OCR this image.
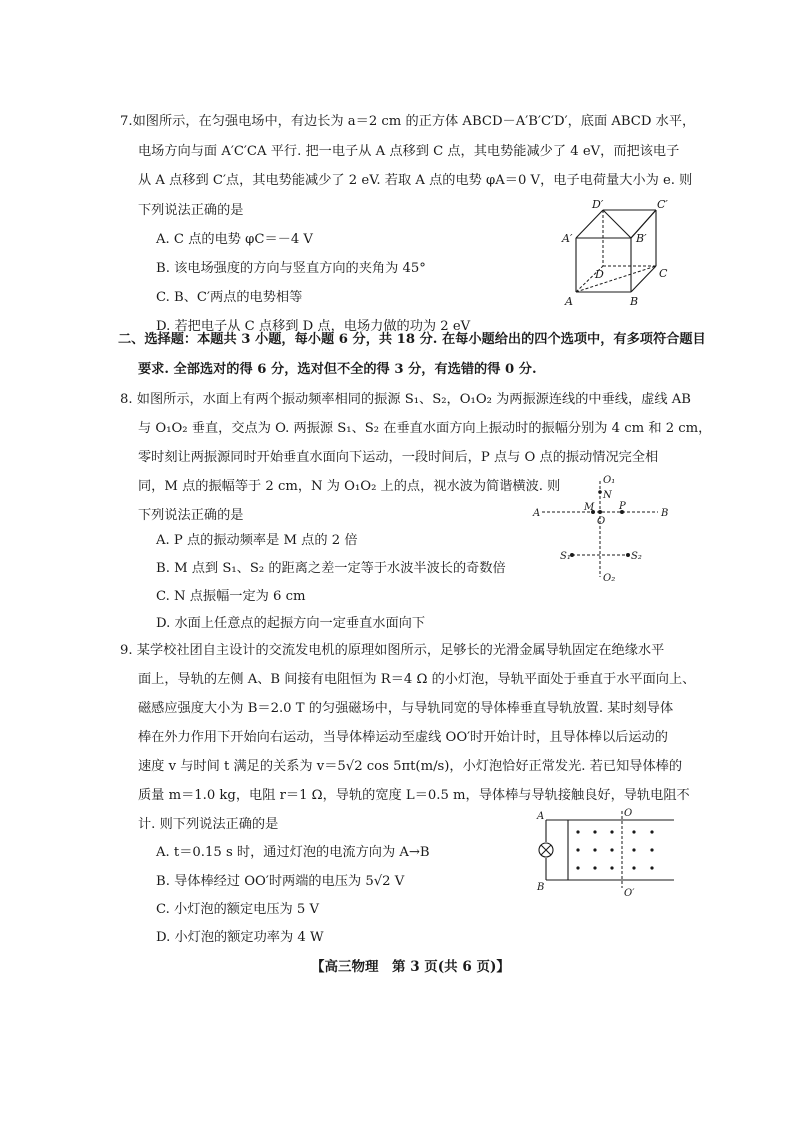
7.如图所示，在匀强电场中，有边长为 a＝2 cm 的正方体 ABCD－A′B′C′D′，底面 ABCD 水平，
电场方向与面 A′C′CA 平行. 把一电子从 A 点移到 C 点，其电势能减少了 4 eV，而把该电子
从 A 点移到 C′点，其电势能减少了 2 eV. 若取 A 点的电势 φA＝0 V，电子电荷量大小为 e. 则
下列说法正确的是
A. C 点的电势 φC＝－4 V
B. 该电场强度的方向与竖直方向的夹角为 45°
C. B、C′两点的电势相等
D. 若把电子从 C 点移到 D 点，电场力做的功为 2 eV
D′	C′
A′	B′
D	C
A	B
二、选择题：本题共 3 小题，每小题 6 分，共 18 分. 在每小题给出的四个选项中，有多项符合题目
要求. 全部选对的得 6 分，选对但不全的得 3 分，有选错的得 0 分.
8. 如图所示，水面上有两个振动频率相同的振源 S₁、S₂，O₁O₂ 为两振源连线的中垂线，虚线 AB
与 O₁O₂ 垂直，交点为 O. 两振源 S₁、S₂ 在垂直水面方向上振动时的振幅分别为 4 cm 和 2 cm，
零时刻让两振源同时开始垂直水面向下运动，一段时间后，P 点与 O 点的振动情况完全相
同，M 点的振幅等于 2 cm，N 为 O₁O₂ 上的点，视水波为简谐横波. 则
下列说法正确的是
A. P 点的振动频率是 M 点的 2 倍
B. M 点到 S₁、S₂ 的距离之差一定等于水波半波长的奇数倍
C. N 点振幅一定为 6 cm
D. 水面上任意点的起振方向一定垂直水面向下
O₁
N
A
M P
B
O
S₁	S₂
O₂
9. 某学校社团自主设计的交流发电机的原理如图所示，足够长的光滑金属导轨固定在绝缘水平
面上，导轨的左侧 A、B 间接有电阻恒为 R＝4 Ω 的小灯泡，导轨平面处于垂直于水平面向上、
磁感应强度大小为 B＝2.0 T 的匀强磁场中，与导轨同宽的导体棒垂直导轨放置. 某时刻导体
棒在外力作用下开始向右运动，当导体棒运动至虚线 OO′时开始计时，且导体棒以后运动的
速度 v 与时间 t 满足的关系为 v＝5√2 cos 5πt(m/s)，小灯泡恰好正常发光. 若已知导体棒的
质量 m＝1.0 kg，电阻 r＝1 Ω，导轨的宽度 L＝0.5 m，导体棒与导轨接触良好，导轨电阻不
计. 则下列说法正确的是
A. t＝0.15 s 时，通过灯泡的电流方向为 A→B
B. 导体棒经过 OO′时两端的电压为 5√2 V
C. 小灯泡的额定电压为 5 V
D. 小灯泡的额定功率为 4 W
A
B
O
O′
【高三物理　第 3 页(共 6 页)】
